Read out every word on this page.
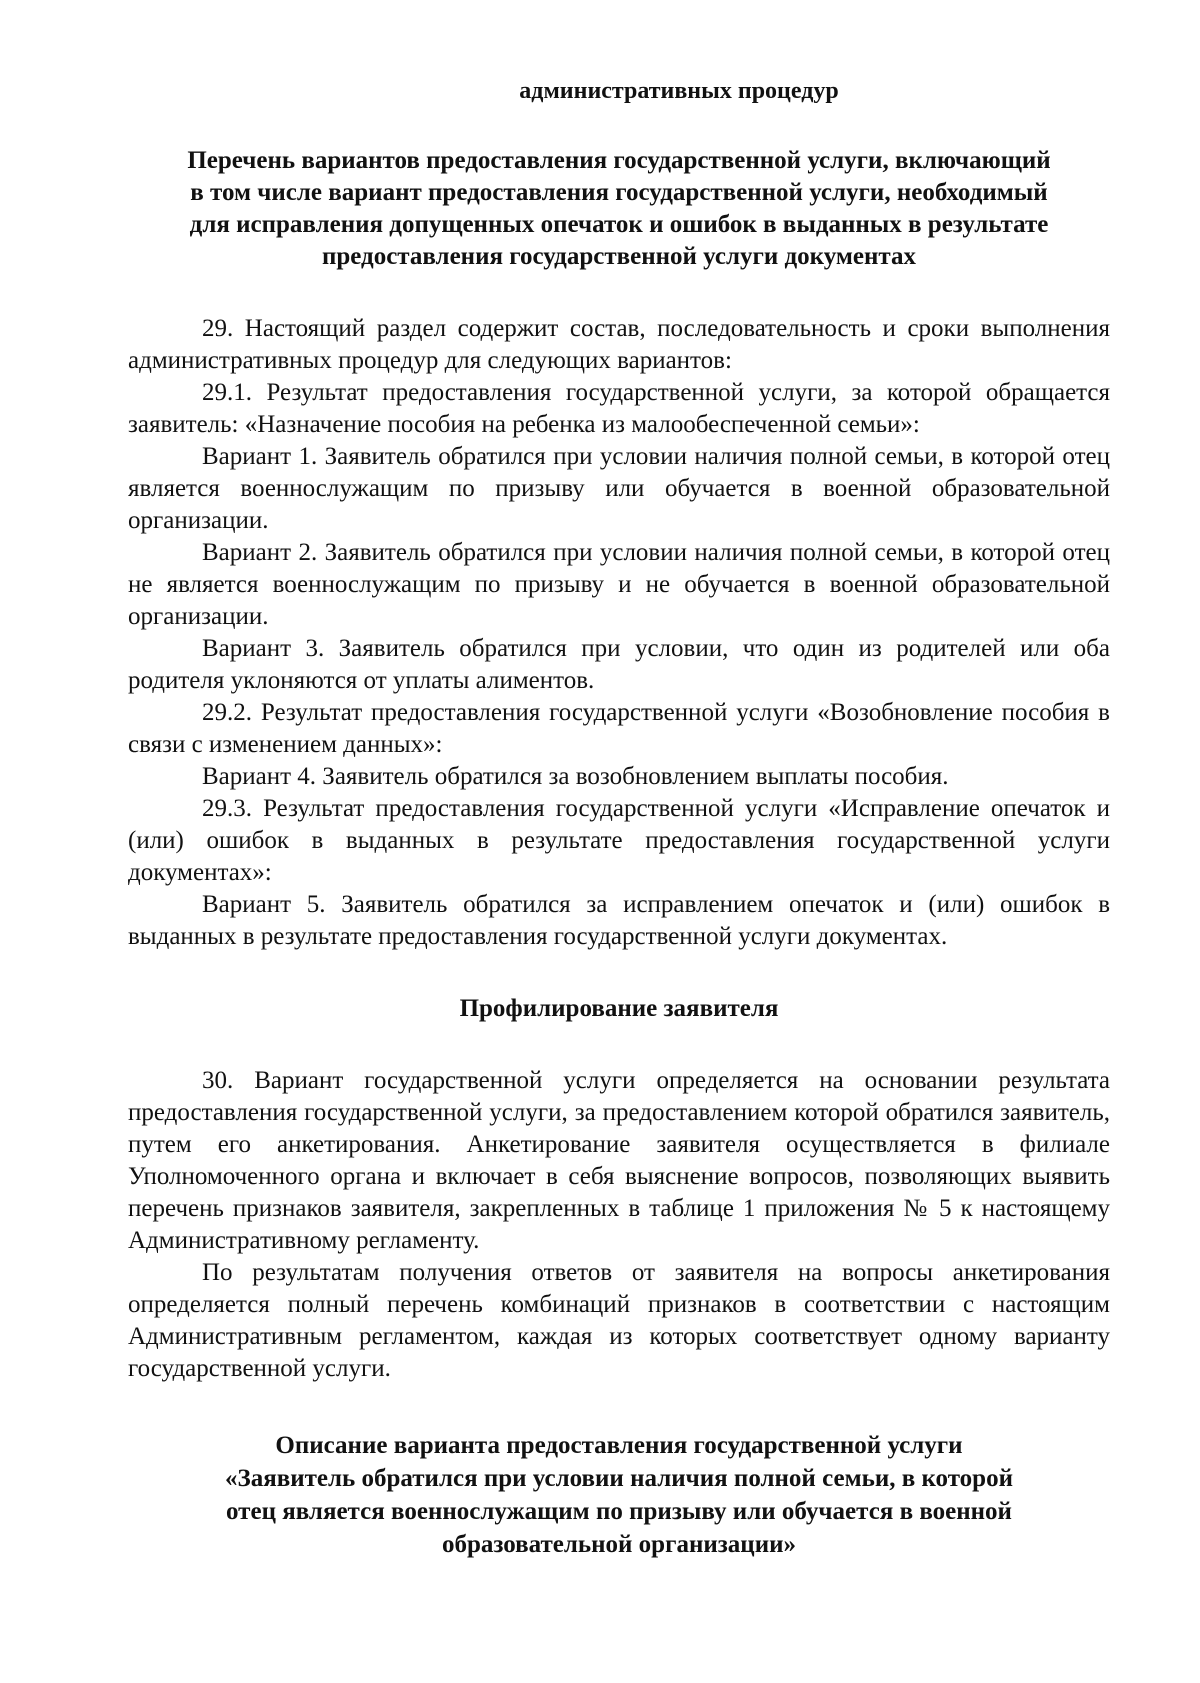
административных процедур
Перечень вариантов предоставления государственной услуги, включающий
в том числе вариант предоставления государственной услуги, необходимый
для исправления допущенных опечаток и ошибок в выданных в результате
предоставления государственной услуги документах

29. Настоящий раздел содержит состав, последовательность и сроки выполнения административных процедур для следующих вариантов:

29.1. Результат предоставления государственной услуги, за которой обращается заявитель: «Назначение пособия на ребенка из малообеспеченной семьи»:

Вариант 1. Заявитель обратился при условии наличия полной семьи, в которой отец является военнослужащим по призыву или обучается в военной образовательной организации.

Вариант 2. Заявитель обратился при условии наличия полной семьи, в которой отец не является военнослужащим по призыву и не обучается в военной образовательной организации.

Вариант 3. Заявитель обратился при условии, что один из родителей или оба родителя уклоняются от уплаты алиментов.

29.2. Результат предоставления государственной услуги «Возобновление пособия в связи с изменением данных»:

Вариант 4. Заявитель обратился за возобновлением выплаты пособия.

29.3. Результат предоставления государственной услуги «Исправление опечаток и (или) ошибок в выданных в результате предоставления государственной услуги документах»:

Вариант 5. Заявитель обратился за исправлением опечаток и (или) ошибок в выданных в результате предоставления государственной услуги документах.

Профилирование заявителя

30. Вариант государственной услуги определяется на основании результата предоставления государственной услуги, за предоставлением которой обратился заявитель, путем его анкетирования. Анкетирование заявителя осуществляется в филиале Уполномоченного органа и включает в себя выяснение вопросов, позволяющих выявить перечень признаков заявителя, закрепленных в таблице 1 приложения № 5 к настоящему Административному регламенту.

По результатам получения ответов от заявителя на вопросы анкетирования определяется полный перечень комбинаций признаков в соответствии с настоящим Административным регламентом, каждая из которых соответствует одному варианту государственной услуги.

Описание варианта предоставления государственной услуги
«Заявитель обратился при условии наличия полной семьи, в которой
отец является военнослужащим по призыву или обучается в военной
образовательной организации»
